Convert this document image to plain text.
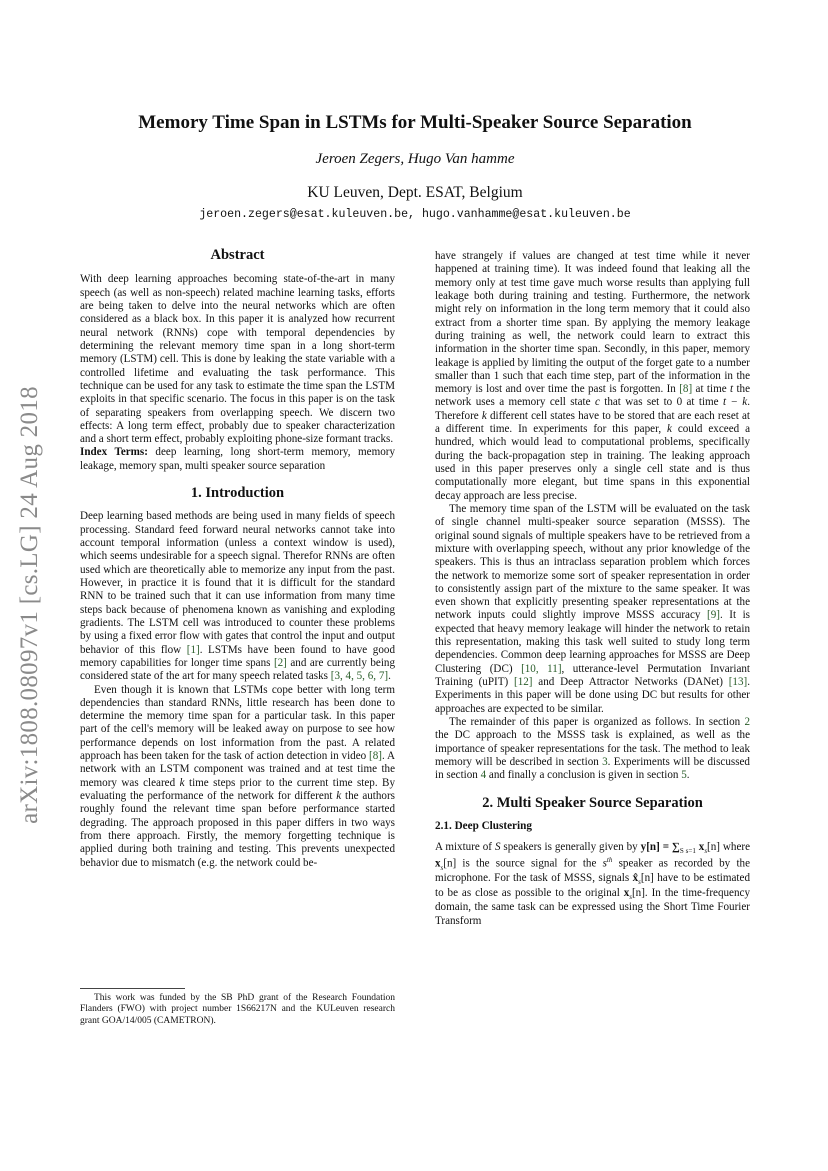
arXiv:1808.08097v1 [cs.LG] 24 Aug 2018
Memory Time Span in LSTMs for Multi-Speaker Source Separation
Jeroen Zegers, Hugo Van hamme
KU Leuven, Dept. ESAT, Belgium
jeroen.zegers@esat.kuleuven.be, hugo.vanhamme@esat.kuleuven.be
Abstract

With deep learning approaches becoming state-of-the-art in many speech (as well as non-speech) related machine learning tasks, efforts are being taken to delve into the neural networks which are often considered as a black box. In this paper it is analyzed how recurrent neural network (RNNs) cope with temporal dependencies by determining the relevant memory time span in a long short-term memory (LSTM) cell. This is done by leaking the state variable with a controlled lifetime and evaluating the task performance. This technique can be used for any task to estimate the time span the LSTM exploits in that specific scenario. The focus in this paper is on the task of separating speakers from overlapping speech. We discern two effects: A long term effect, probably due to speaker characterization and a short term effect, probably exploiting phone-size formant tracks.

Index Terms: deep learning, long short-term memory, memory leakage, memory span, multi speaker source separation

1. Introduction

Deep learning based methods are being used in many fields of speech processing. Standard feed forward neural networks cannot take into account temporal information (unless a context window is used), which seems undesirable for a speech signal. Therefor RNNs are often used which are theoretically able to memorize any input from the past. However, in practice it is found that it is difficult for the standard RNN to be trained such that it can use information from many time steps back because of phenomena known as vanishing and exploding gradients. The LSTM cell was introduced to counter these problems by using a fixed error flow with gates that control the input and output behavior of this flow [1]. LSTMs have been found to have good memory capabilities for longer time spans [2] and are currently being considered state of the art for many speech related tasks [3, 4, 5, 6, 7].

Even though it is known that LSTMs cope better with long term dependencies than standard RNNs, little research has been done to determine the memory time span for a particular task. In this paper part of the cell's memory will be leaked away on purpose to see how performance depends on lost information from the past. A related approach has been taken for the task of action detection in video [8]. A network with an LSTM component was trained and at test time the memory was cleared k time steps prior to the current time step. By evaluating the performance of the network for different k the authors roughly found the relevant time span before performance started degrading. The approach proposed in this paper differs in two ways from there approach. Firstly, the memory forgetting technique is applied during both training and testing. This prevents unexpected behavior due to mismatch (e.g. the network could be-

This work was funded by the SB PhD grant of the Research Foundation Flanders (FWO) with project number 1S66217N and the KULeuven research grant GOA/14/005 (CAMETRON).

have strangely if values are changed at test time while it never happened at training time). It was indeed found that leaking all the memory only at test time gave much worse results than applying full leakage both during training and testing. Furthermore, the network might rely on information in the long term memory that it could also extract from a shorter time span. By applying the memory leakage during training as well, the network could learn to extract this information in the shorter time span. Secondly, in this paper, memory leakage is applied by limiting the output of the forget gate to a number smaller than 1 such that each time step, part of the information in the memory is lost and over time the past is forgotten. In [8] at time t the network uses a memory cell state c that was set to 0 at time t − k. Therefore k different cell states have to be stored that are each reset at a different time. In experiments for this paper, k could exceed a hundred, which would lead to computational problems, specifically during the back-propagation step in training. The leaking approach used in this paper preserves only a single cell state and is thus computationally more elegant, but time spans in this exponential decay approach are less precise.

The memory time span of the LSTM will be evaluated on the task of single channel multi-speaker source separation (MSSS). The original sound signals of multiple speakers have to be retrieved from a mixture with overlapping speech, without any prior knowledge of the speakers. This is thus an intraclass separation problem which forces the network to memorize some sort of speaker representation in order to consistently assign part of the mixture to the same speaker. It was even shown that explicitly presenting speaker representations at the network inputs could slightly improve MSSS accuracy [9]. It is expected that heavy memory leakage will hinder the network to retain this representation, making this task well suited to study long term dependencies. Common deep learning approaches for MSSS are Deep Clustering (DC) [10, 11], utterance-level Permutation Invariant Training (uPIT) [12] and Deep Attractor Networks (DANet) [13]. Experiments in this paper will be done using DC but results for other approaches are expected to be similar.

The remainder of this paper is organized as follows. In section 2 the DC approach to the MSSS task is explained, as well as the importance of speaker representations for the task. The method to leak memory will be described in section 3. Experiments will be discussed in section 4 and finally a conclusion is given in section 5.

2. Multi Speaker Source Separation
2.1. Deep Clustering

A mixture of S speakers is generally given by $y[n] = \sum_{S s=1}$ $x_s[n]$ where $x_s[n]$ is the source signal for the $s^{th}$ speaker as recorded by the microphone. For the task of MSSS, signals $x̂_s[n]$ have to be estimated to be as close as possible to the original $x_s[n]$. In the time-frequency domain, the same task can be expressed using the Short Time Fourier Transform
